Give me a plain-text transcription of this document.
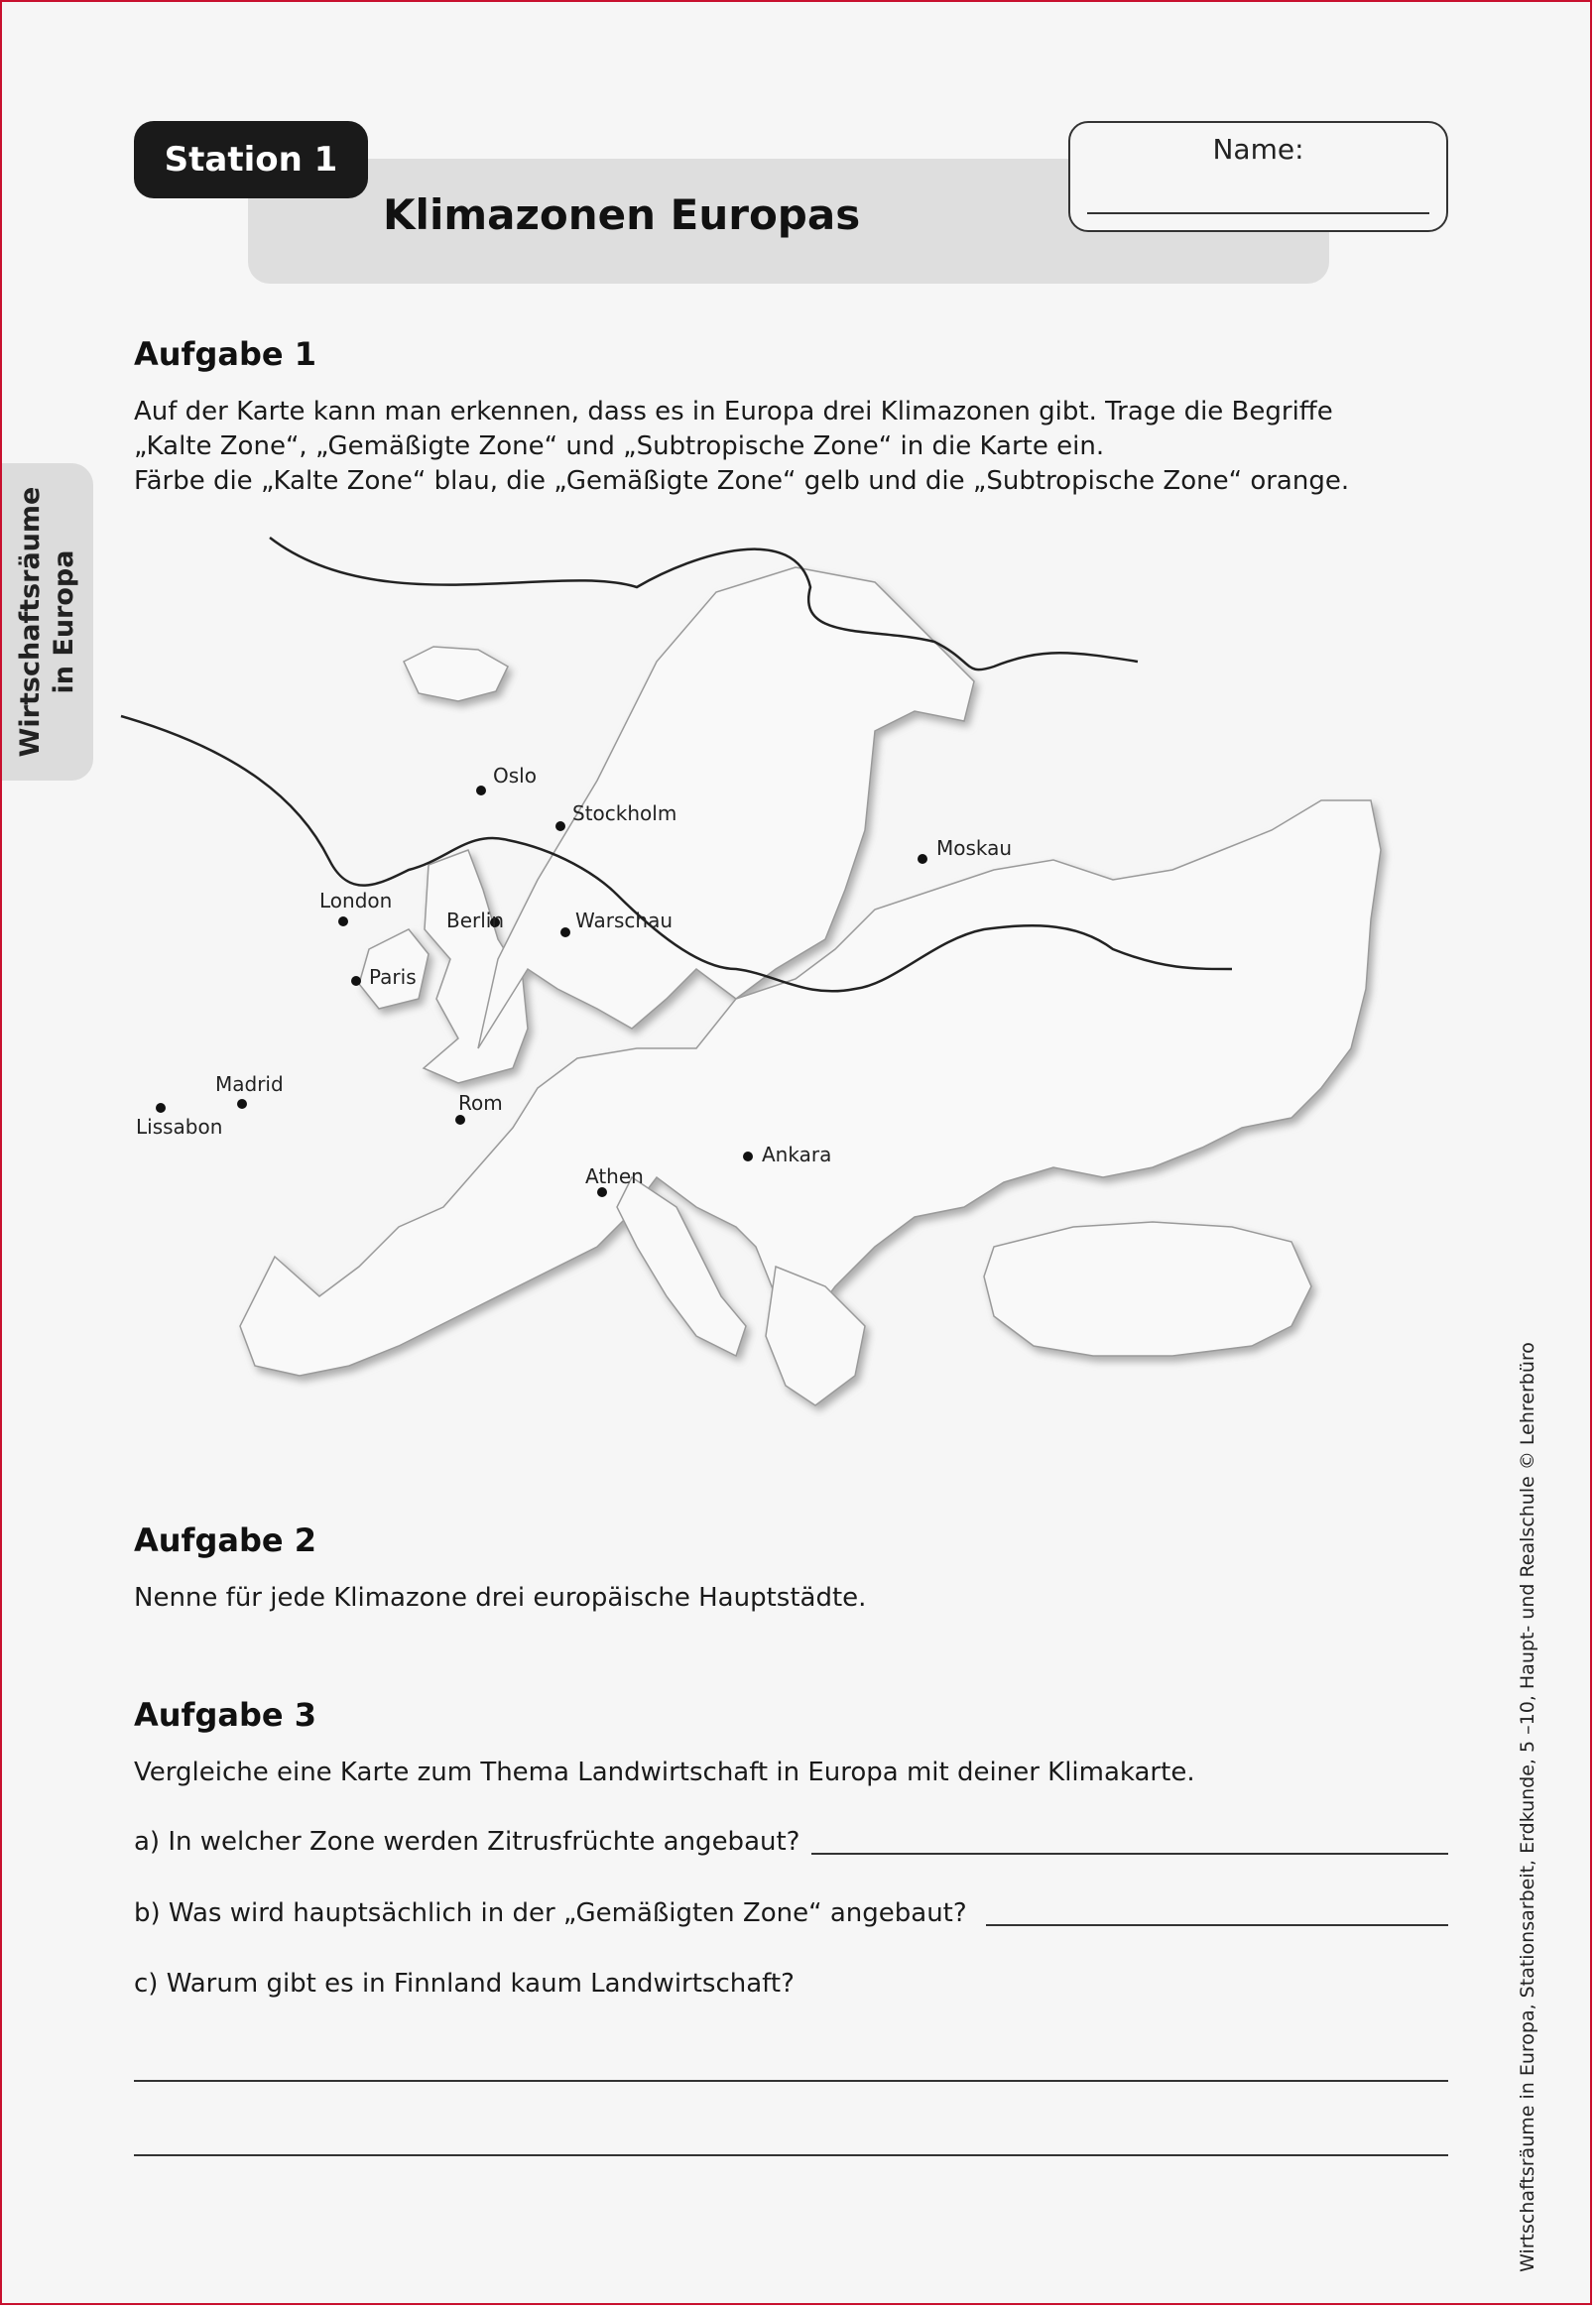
Station 1
Klimazonen Europas
Name:
Wirtschaftsräume in Europa
Aufgabe 1

Auf der Karte kann man erkennen, dass es in Europa drei Klimazonen gibt. Trage die Begriffe
„Kalte Zone“, „Gemäßigte Zone“ und „Subtropische Zone“ in die Karte ein.
Färbe die „Kalte Zone“ blau, die „Gemäßigte Zone“ gelb und die „Subtropische Zone“ orange.

Oslo
Stockholm
Moskau
London
Berlin	Warschau
Paris
Madrid
Lissabon
Rom
Athen
Ankara
Aufgabe 2
Nenne für jede Klimazone drei europäische Hauptstädte.
Aufgabe 3
Vergleiche eine Karte zum Thema Landwirtschaft in Europa mit deiner Klimakarte.
a) In welcher Zone werden Zitrusfrüchte angebaut?
b) Was wird hauptsächlich in der „Gemäßigten Zone“ angebaut?
c) Warum gibt es in Finnland kaum Landwirtschaft?	Wirtschaftsräume in Europa, Stationsarbeit, Erdkunde, 5 –10, Haupt- und Realschule © Lehrerbüro
